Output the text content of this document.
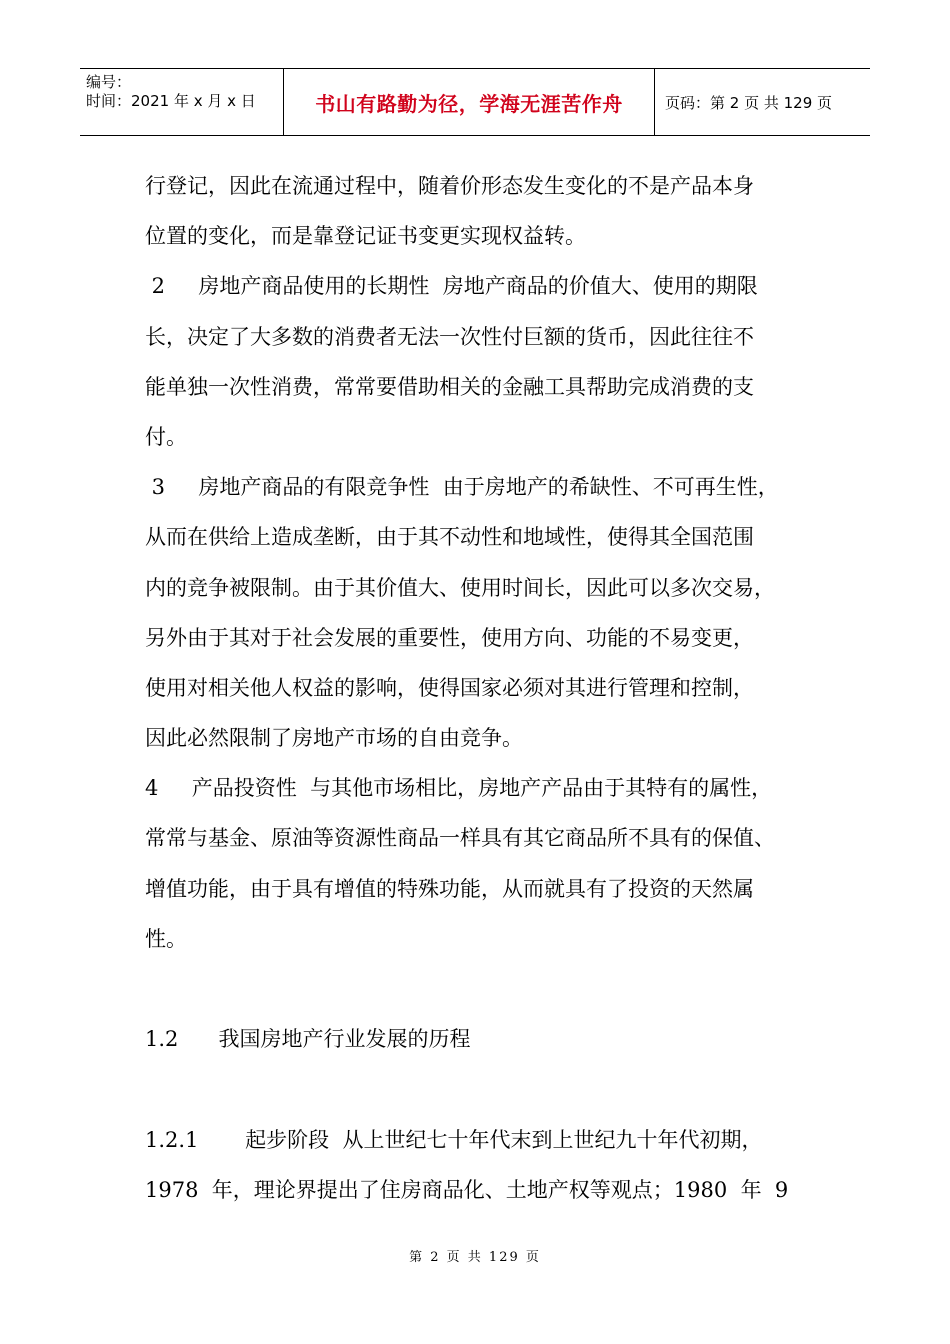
编号：
时间：2021 年 x 月 x 日	书山有路勤为径，学海无涯苦作舟	页码：第 2 页 共 129 页
行登记，因此在流通过程中，随着价形态发生变化的不是产品本身
位置的变化，而是靠登记证书变更实现权益转。
2     房地产商品使用的长期性  房地产商品的价值大、使用的期限
长，决定了大多数的消费者无法一次性付巨额的货币，因此往往不
能单独一次性消费，常常要借助相关的金融工具帮助完成消费的支
付。
3     房地产商品的有限竞争性  由于房地产的希缺性、不可再生性，
从而在供给上造成垄断，由于其不动性和地域性，使得其全国范围
内的竞争被限制。由于其价值大、使用时间长，因此可以多次交易，
另外由于其对于社会发展的重要性，使用方向、功能的不易变更，
使用对相关他人权益的影响，使得国家必须对其进行管理和控制，
因此必然限制了房地产市场的自由竞争。
4     产品投资性  与其他市场相比，房地产产品由于其特有的属性，
常常与基金、原油等资源性商品一样具有其它商品所不具有的保值、
增值功能，由于具有增值的特殊功能，从而就具有了投资的天然属
性。
1.2      我国房地产行业发展的历程
1.2.1       起步阶段  从上世纪七十年代末到上世纪九十年代初期，
1978  年，理论界提出了住房商品化、土地产权等观点；1980  年  9
第 2 页 共 129 页
